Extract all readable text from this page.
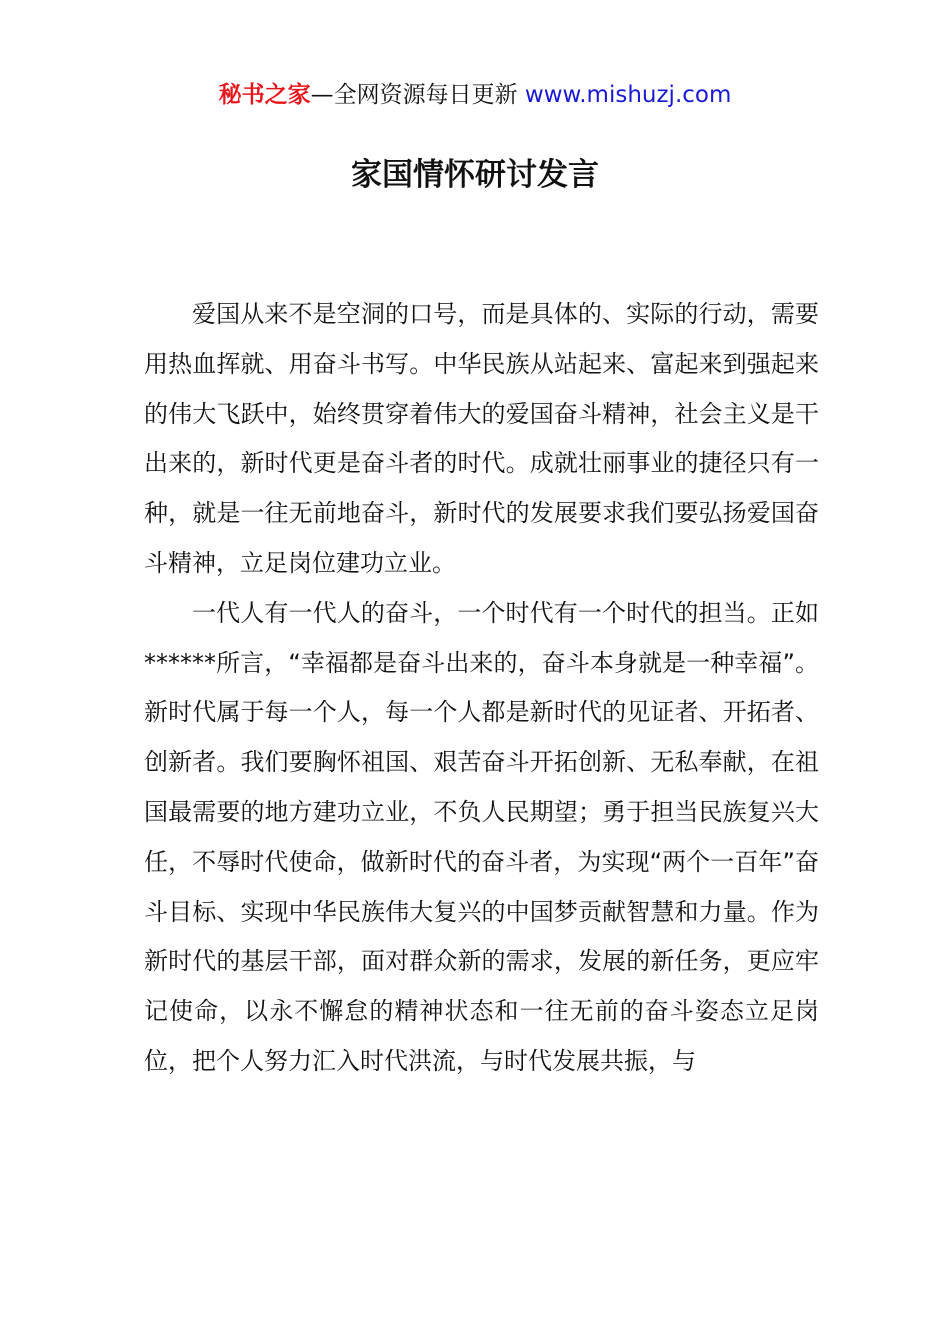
秘书之家—全网资源每日更新 www.mishuzj.com
家国情怀研讨发言

爱国从来不是空洞的口号，而是具体的、实际的行动，需要用热血挥就、用奋斗书写。中华民族从站起来、富起来到强起来的伟大飞跃中，始终贯穿着伟大的爱国奋斗精神，社会主义是干出来的，新时代更是奋斗者的时代。成就壮丽事业的捷径只有一种，就是一往无前地奋斗，新时代的发展要求我们要弘扬爱国奋斗精神，立足岗位建功立业。

一代人有一代人的奋斗，一个时代有一个时代的担当。正如******所言，“幸福都是奋斗出来的，奋斗本身就是一种幸福”。新时代属于每一个人，每一个人都是新时代的见证者、开拓者、创新者。我们要胸怀祖国、艰苦奋斗开拓创新、无私奉献，在祖国最需要的地方建功立业，不负人民期望；勇于担当民族复兴大任，不辱时代使命，做新时代的奋斗者，为实现“两个一百年”奋斗目标、实现中华民族伟大复兴的中国梦贡献智慧和力量。作为新时代的基层干部，面对群众新的需求，发展的新任务，更应牢记使命，以永不懈怠的精神状态和一往无前的奋斗姿态立足岗位，把个人努力汇入时代洪流，与时代发展共振，与
